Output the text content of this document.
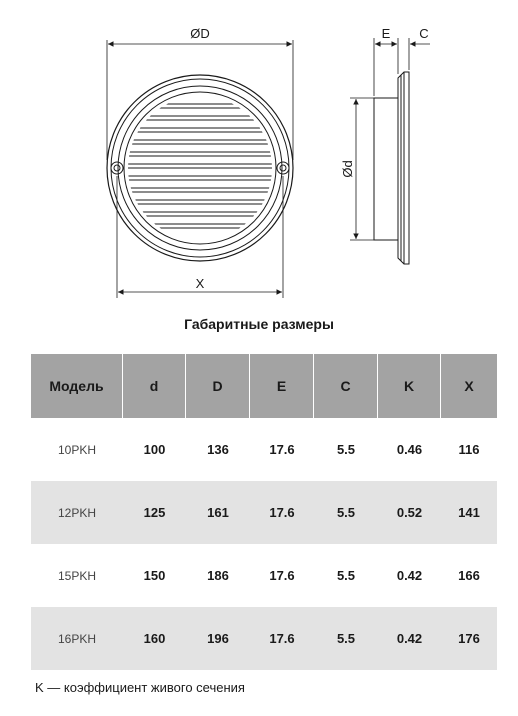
ØD
X
E C
Ød
Габаритные размеры
Модель	d	D	E	C	K	X
10PKH	100	136	17.6	5.5	0.46	116
12PKH	125	161	17.6	5.5	0.52	141
15PKH	150	186	17.6	5.5	0.42	166
16PKH	160	196	17.6	5.5	0.42	176
K — коэффициент живого сечения
